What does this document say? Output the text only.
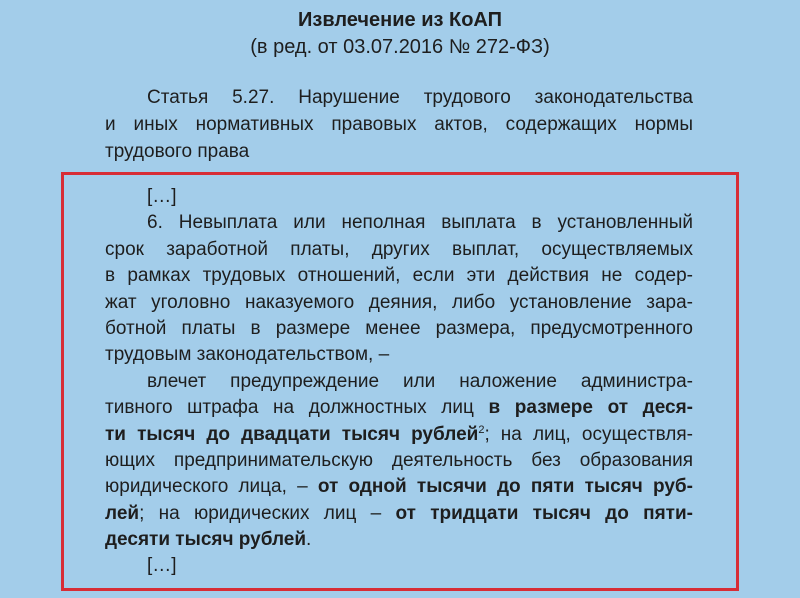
Извлечение из КоАП
(в ред. от 03.07.2016 № 272-ФЗ)
Статья 5.27. Нарушение трудового законодательства
и иных нормативных правовых актов, содержащих нормы
трудового права
[…]
6. Невыплата или неполная выплата в установленный
срок заработной платы, других выплат, осуществляемых
в рамках трудовых отношений, если эти действия не содер-
жат уголовно наказуемого деяния, либо установление зара-
ботной платы в размере менее размера, предусмотренного
трудовым законодательством, –
влечет предупреждение или наложение администра-
тивного штрафа на должностных лиц в размере от деся-
ти тысяч до двадцати тысяч рублей$^2$; на лиц, осуществля-
ющих предпринимательскую деятельность без образования
юридического лица, – от одной тысячи до пяти тысяч руб-
лей; на юридических лиц – от тридцати тысяч до пяти-
десяти тысяч рублей.
[…]
